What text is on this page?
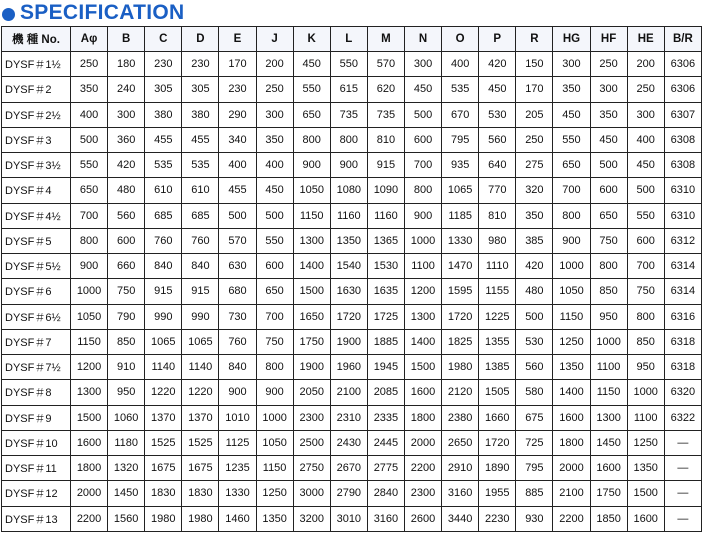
SPECIFICATION
機 種 No.	Aφ	B	C	D	E	J	K	L	M	N	O	P	R	HG	HF	HE	B/R
DYSF＃1½	250	180	230	230	170	200	450	550	570	300	400	420	150	300	250	200	6306
DYSF＃2	350	240	305	305	230	250	550	615	620	450	535	450	170	350	300	250	6306
DYSF＃2½	400	300	380	380	290	300	650	735	735	500	670	530	205	450	350	300	6307
DYSF＃3	500	360	455	455	340	350	800	800	810	600	795	560	250	550	450	400	6308
DYSF＃3½	550	420	535	535	400	400	900	900	915	700	935	640	275	650	500	450	6308
DYSF＃4	650	480	610	610	455	450	1050	1080	1090	800	1065	770	320	700	600	500	6310
DYSF＃4½	700	560	685	685	500	500	1150	1160	1160	900	1185	810	350	800	650	550	6310
DYSF＃5	800	600	760	760	570	550	1300	1350	1365	1000	1330	980	385	900	750	600	6312
DYSF＃5½	900	660	840	840	630	600	1400	1540	1530	1100	1470	1110	420	1000	800	700	6314
DYSF＃6	1000	750	915	915	680	650	1500	1630	1635	1200	1595	1155	480	1050	850	750	6314
DYSF＃6½	1050	790	990	990	730	700	1650	1720	1725	1300	1720	1225	500	1150	950	800	6316
DYSF＃7	1150	850	1065	1065	760	750	1750	1900	1885	1400	1825	1355	530	1250	1000	850	6318
DYSF＃7½	1200	910	1140	1140	840	800	1900	1960	1945	1500	1980	1385	560	1350	1100	950	6318
DYSF＃8	1300	950	1220	1220	900	900	2050	2100	2085	1600	2120	1505	580	1400	1150	1000	6320
DYSF＃9	1500	1060	1370	1370	1010	1000	2300	2310	2335	1800	2380	1660	675	1600	1300	1100	6322
DYSF＃10	1600	1180	1525	1525	1125	1050	2500	2430	2445	2000	2650	1720	725	1800	1450	1250	—
DYSF＃11	1800	1320	1675	1675	1235	1150	2750	2670	2775	2200	2910	1890	795	2000	1600	1350	—
DYSF＃12	2000	1450	1830	1830	1330	1250	3000	2790	2840	2300	3160	1955	885	2100	1750	1500	—
DYSF＃13	2200	1560	1980	1980	1460	1350	3200	3010	3160	2600	3440	2230	930	2200	1850	1600	—
